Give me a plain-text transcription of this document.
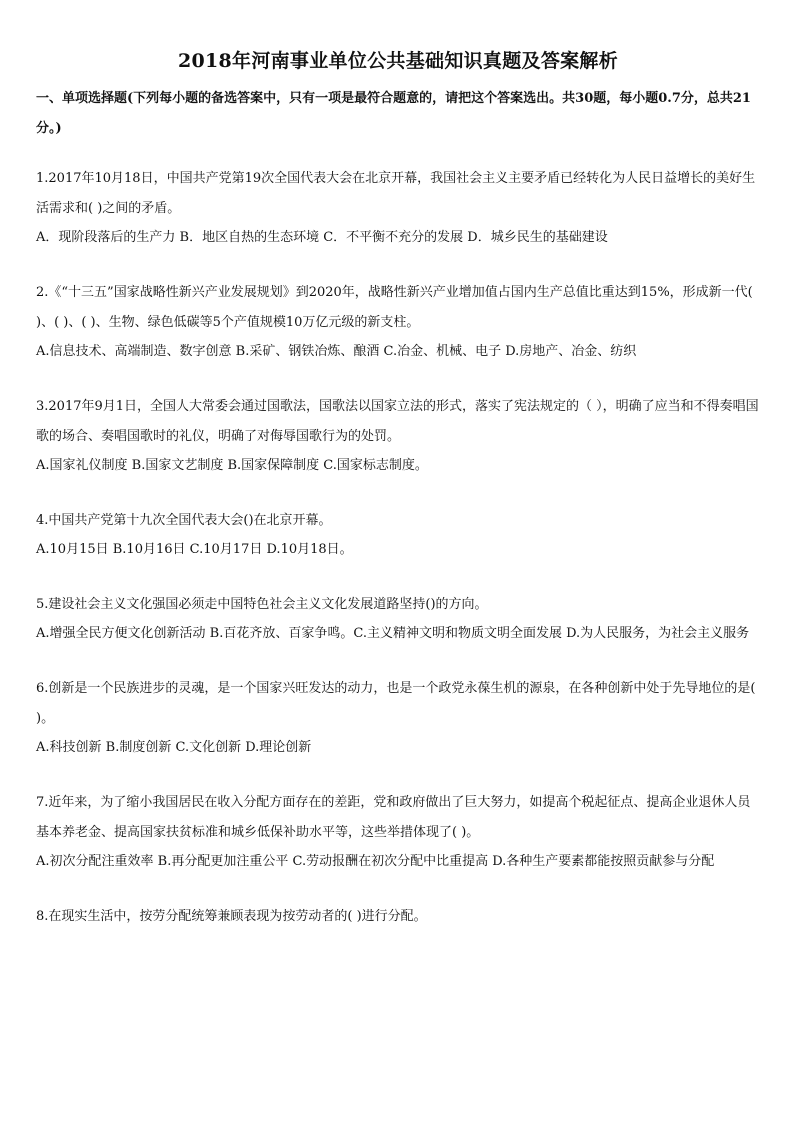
2018年河南事业单位公共基础知识真题及答案解析

一、单项选择题(下列每小题的备选答案中，只有一项是最符合题意的，请把这个答案选出。共30题，每小题0.7分，总共21分。)

1.2017年10月18日，中国共产党第19次全国代表大会在北京开幕，我国社会主义主要矛盾已经转化为人民日益增长的美好生活需求和( )之间的矛盾。

A．现阶段落后的生产力 B．地区自热的生态环境 C．不平衡不充分的发展 D．城乡民生的基础建设

2.《“十三五”国家战略性新兴产业发展规划》到2020年，战略性新兴产业增加值占国内生产总值比重达到15%，形成新一代( )、( )、( )、生物、绿色低碳等5个产值规模10万亿元级的新支柱。

A.信息技术、高端制造、数字创意 B.采矿、钢铁冶炼、酿酒 C.冶金、机械、电子 D.房地产、冶金、纺织

3.2017年9月1日，全国人大常委会通过国歌法，国歌法以国家立法的形式，落实了宪法规定的（ ），明确了应当和不得奏唱国歌的场合、奏唱国歌时的礼仪，明确了对侮辱国歌行为的处罚。

A.国家礼仪制度 B.国家文艺制度 B.国家保障制度 C.国家标志制度。

4.中国共产党第十九次全国代表大会()在北京开幕。

A.10月15日 B.10月16日 C.10月17日 D.10月18日。

5.建设社会主义文化强国必须走中国特色社会主义文化发展道路坚持()的方向。

A.增强全民方便文化创新活动 B.百花齐放、百家争鸣。C.主义精神文明和物质文明全面发展 D.为人民服务，为社会主义服务

6.创新是一个民族进步的灵魂，是一个国家兴旺发达的动力，也是一个政党永葆生机的源泉，在各种创新中处于先导地位的是( )。

A.科技创新 B.制度创新 C.文化创新 D.理论创新

7.近年来，为了缩小我国居民在收入分配方面存在的差距，党和政府做出了巨大努力，如提高个税起征点、提高企业退休人员基本养老金、提高国家扶贫标准和城乡低保补助水平等，这些举措体现了( )。

A.初次分配注重效率 B.再分配更加注重公平 C.劳动报酬在初次分配中比重提高 D.各种生产要素都能按照贡献参与分配

8.在现实生活中，按劳分配统筹兼顾表现为按劳动者的( )进行分配。
